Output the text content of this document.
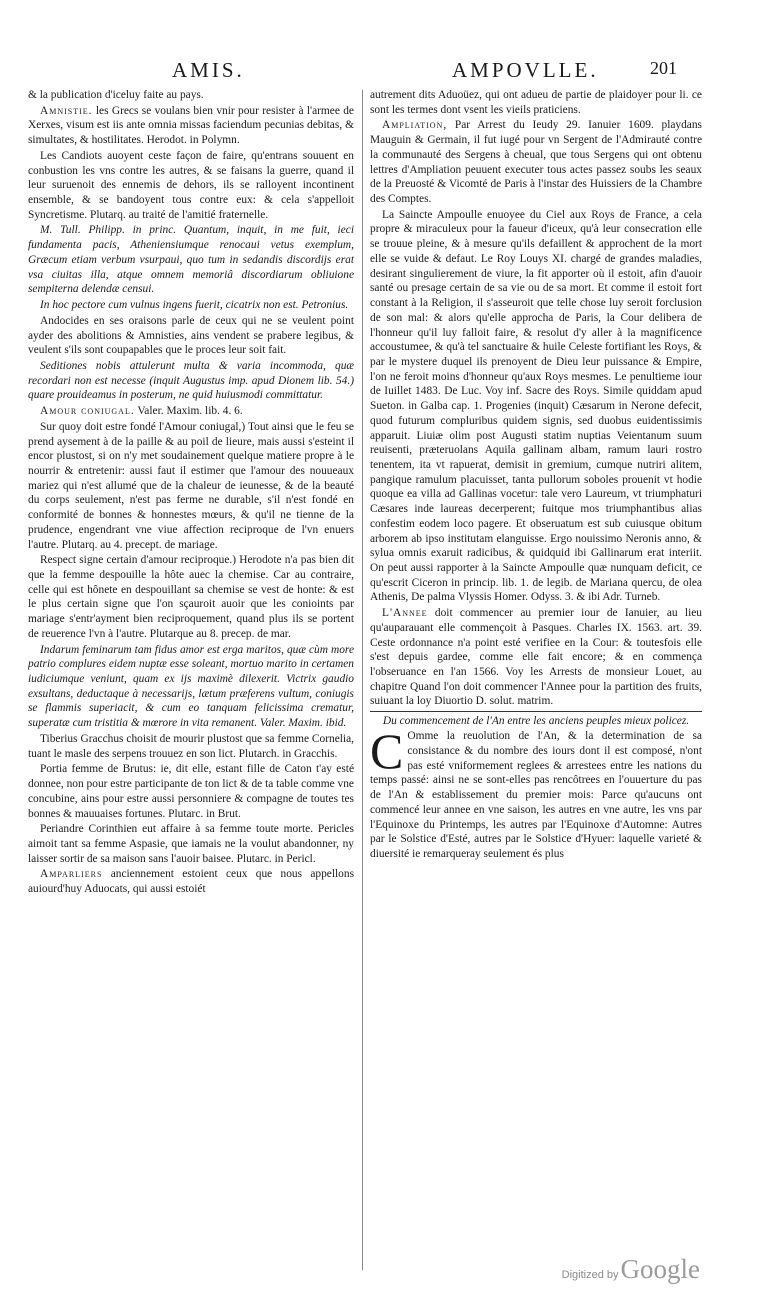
AMIS.	AMPOVLLE.	201

& la publication d'iceluy faite au pays.

Amnistie. les Grecs se voulans bien vnir pour resister à l'armee de Xerxes, visum est iis ante omnia missas faciendum pecunias debitas, & simultates, & hostilitates. Herodot. in Polymn.

Les Candiots auoyent ceste façon de faire, qu'entrans souuent en conbustion les vns contre les autres, & se faisans la guerre, quand il leur suruenoit des ennemis de dehors, ils se ralloyent incontinent ensemble, & se bandoyent tous contre eux: & cela s'appelloit Syncretisme. Plutarq. au traité de l'amitié fraternelle.

M. Tull. Philipp. in princ. Quantum, inquit, in me fuit, ieci fundamenta pacis, Atheniensiumque renocaui vetus exemplum, Græcum etiam verbum vsurpaui, quo tum in sedandis discordijs erat vsa ciuitas illa, atque omnem memoriâ discordiarum obliuione sempiterna delendæ censui.

In hoc pectore cum vulnus ingens fuerit, cicatrix non est. Petronius.

Andocides en ses oraisons parle de ceux qui ne se veulent point ayder des abolitions & Amnisties, ains vendent se prabere legibus, & veulent s'ils sont coupapables que le proces leur soit fait.

Seditiones nobis attulerunt multa & varia incommoda, quæ recordari non est necesse (inquit Augustus imp. apud Dionem lib. 54.) quare prouideamus in posterum, ne quid huiusmodi committatur.

Amour coniugal. Valer. Maxim. lib. 4. 6.

Sur quoy doit estre fondé l'Amour coniugal,) Tout ainsi que le feu se prend aysement à de la paille & au poil de lieure, mais aussi s'esteint il encor plustost, si on n'y met soudainement quelque matiere propre à le nourrir & entretenir: aussi faut il estimer que l'amour des nouueaux mariez qui n'est allumé que de la chaleur de ieunesse, & de la beauté du corps seulement, n'est pas ferme ne durable, s'il n'est fondé en conformité de bonnes & honnestes mœurs, & qu'il ne tienne de la prudence, engendrant vne viue affection reciproque de l'vn enuers l'autre. Plutarq. au 4. precept. de mariage.

Respect signe certain d'amour reciproque.) Herodote n'a pas bien dit que la femme despouille la hôte auec la chemise. Car au contraire, celle qui est hônete en despouillant sa chemise se vest de honte: & est le plus certain signe que l'on sçauroit auoir que les conioints par mariage s'entr'ayment bien reciproquement, quand plus ils se portent de reuerence l'vn à l'autre. Plutarque au 8. precep. de mar.

Indarum feminarum tam fidus amor est erga maritos, quæ cùm more patrio complures eidem nuptæ esse soleant, mortuo marito in certamen iudiciumque veniunt, quam ex ijs maximè dilexerit. Victrix gaudio exsultans, deductaque à necessarijs, lætum præferens vultum, coniugis se flammis superiacit, & cum eo tanquam felicissima crematur, superatæ cum tristitia & mœrore in vita remanent. Valer. Maxim. ibid.

Tiberius Gracchus choisit de mourir plustost que sa femme Cornelia, tuant le masle des serpens trouuez en son lict. Plutarch. in Gracchis.

Portia femme de Brutus: ie, dit elle, estant fille de Caton t'ay esté donnee, non pour estre participante de ton lict & de ta table comme vne concubine, ains pour estre aussi personniere & compagne de toutes tes bonnes & mauuaises fortunes. Plutarc. in Brut.

Periandre Corinthien eut affaire à sa femme toute morte. Pericles aimoit tant sa femme Aspasie, que iamais ne la voulut abandonner, ny laisser sortir de sa maison sans l'auoir baisee. Plutarc. in Pericl.

Amparliers anciennement estoient ceux que nous appellons auiourd'huy Aduocats, qui aussi estoiét

autrement dits Aduoüez, qui ont adueu de partie de plaidoyer pour li. ce sont les termes dont vsent les vieils praticiens.

Ampliation, Par Arrest du Ieudy 29. Ianuier 1609. playdans Mauguin & Germain, il fut iugé pour vn Sergent de l'Admirauté contre la communauté des Sergens à cheual, que tous Sergens qui ont obtenu lettres d'Ampliation peuuent executer tous actes passez soubs les seaux de la Preuosté & Vicomté de Paris à l'instar des Huissiers de la Chambre des Comptes.

La Saincte Ampoulle enuoyee du Ciel aux Roys de France, a cela propre & miraculeux pour la faueur d'iceux, qu'à leur consecration elle se trouue pleine, & à mesure qu'ils defaillent & approchent de la mort elle se vuide & defaut. Le Roy Louys XI. chargé de grandes maladies, desirant singulierement de viure, la fit apporter où il estoit, afin d'auoir santé ou presage certain de sa vie ou de sa mort. Et comme il estoit fort constant à la Religion, il s'asseuroit que telle chose luy seroit forclusion de son mal: & alors qu'elle approcha de Paris, la Cour delibera de l'honneur qu'il luy falloit faire, & resolut d'y aller à la magnificence accoustumee, & qu'à tel sanctuaire & huile Celeste fortifiant les Roys, & par le mystere duquel ils prenoyent de Dieu leur puissance & Empire, l'on ne feroit moins d'honneur qu'aux Roys mesmes. Le penultieme iour de Iuillet 1483. De Luc. Voy inf. Sacre des Roys. Simile quiddam apud Sueton. in Galba cap. 1. Progenies (inquit) Cæsarum in Nerone defecit, quod futurum compluribus quidem signis, sed duobus euidentissimis apparuit. Liuiæ olim post Augusti statim nuptias Veientanum suum reuisenti, præteruolans Aquila gallinam albam, ramum lauri rostro tenentem, ita vt rapuerat, demisit in gremium, cumque nutriri alitem, pangique ramulum placuisset, tanta pullorum soboles prouenit vt hodie quoque ea villa ad Gallinas vocetur: tale vero Laureum, vt triumphaturi Cæsares inde laureas decerperent; fuitque mos triumphantibus alias confestim eodem loco pagere. Et obseruatum est sub cuiusque obitum arborem ab ipso institutam elanguisse. Ergo nouissimo Neronis anno, & sylua omnis exaruit radicibus, & quidquid ibi Gallinarum erat interiit. On peut aussi rapporter à la Saincte Ampoulle quæ nunquam deficit, ce qu'escrit Ciceron in princip. lib. 1. de legib. de Mariana quercu, de olea Athenis, De palma Vlyssis Homer. Odyss. 3. & ibi Adr. Turneb.

L'Annee doit commencer au premier iour de Ianuier, au lieu qu'auparauant elle commençoit à Pasques. Charles IX. 1563. art. 39. Ceste ordonnance n'a point esté verifiee en la Cour: & toutesfois elle s'est depuis gardee, comme elle fait encore; & en commença l'obseruance en l'an 1566. Voy les Arrests de monsieur Louet, au chapitre Quand l'on doit commencer l'Annee pour la partition des fruits, suiuant la loy Diuortio D. solut. matrim.

Du commencement de l'An entre les anciens peuples mieux policez.

C Omme la reuolution de l'An, & la determination de sa consistance & du nombre des iours dont il est composé, n'ont pas esté vniformement reglees & arrestees entre les nations du temps passé: ainsi ne se sont-elles pas rencôtrees en l'ouuerture du pas de l'An & establissement du premier mois: Parce qu'aucuns ont commencé leur annee en vne saison, les autres en vne autre, les vns par l'Equinoxe du Printemps, les autres par l'Equinoxe d'Automne: Autres par le Solstice d'Esté, autres par le Solstice d'Hyuer: laquelle varieté & diuersité ie remarqueray seulement és plus

Digitized byGoogle
